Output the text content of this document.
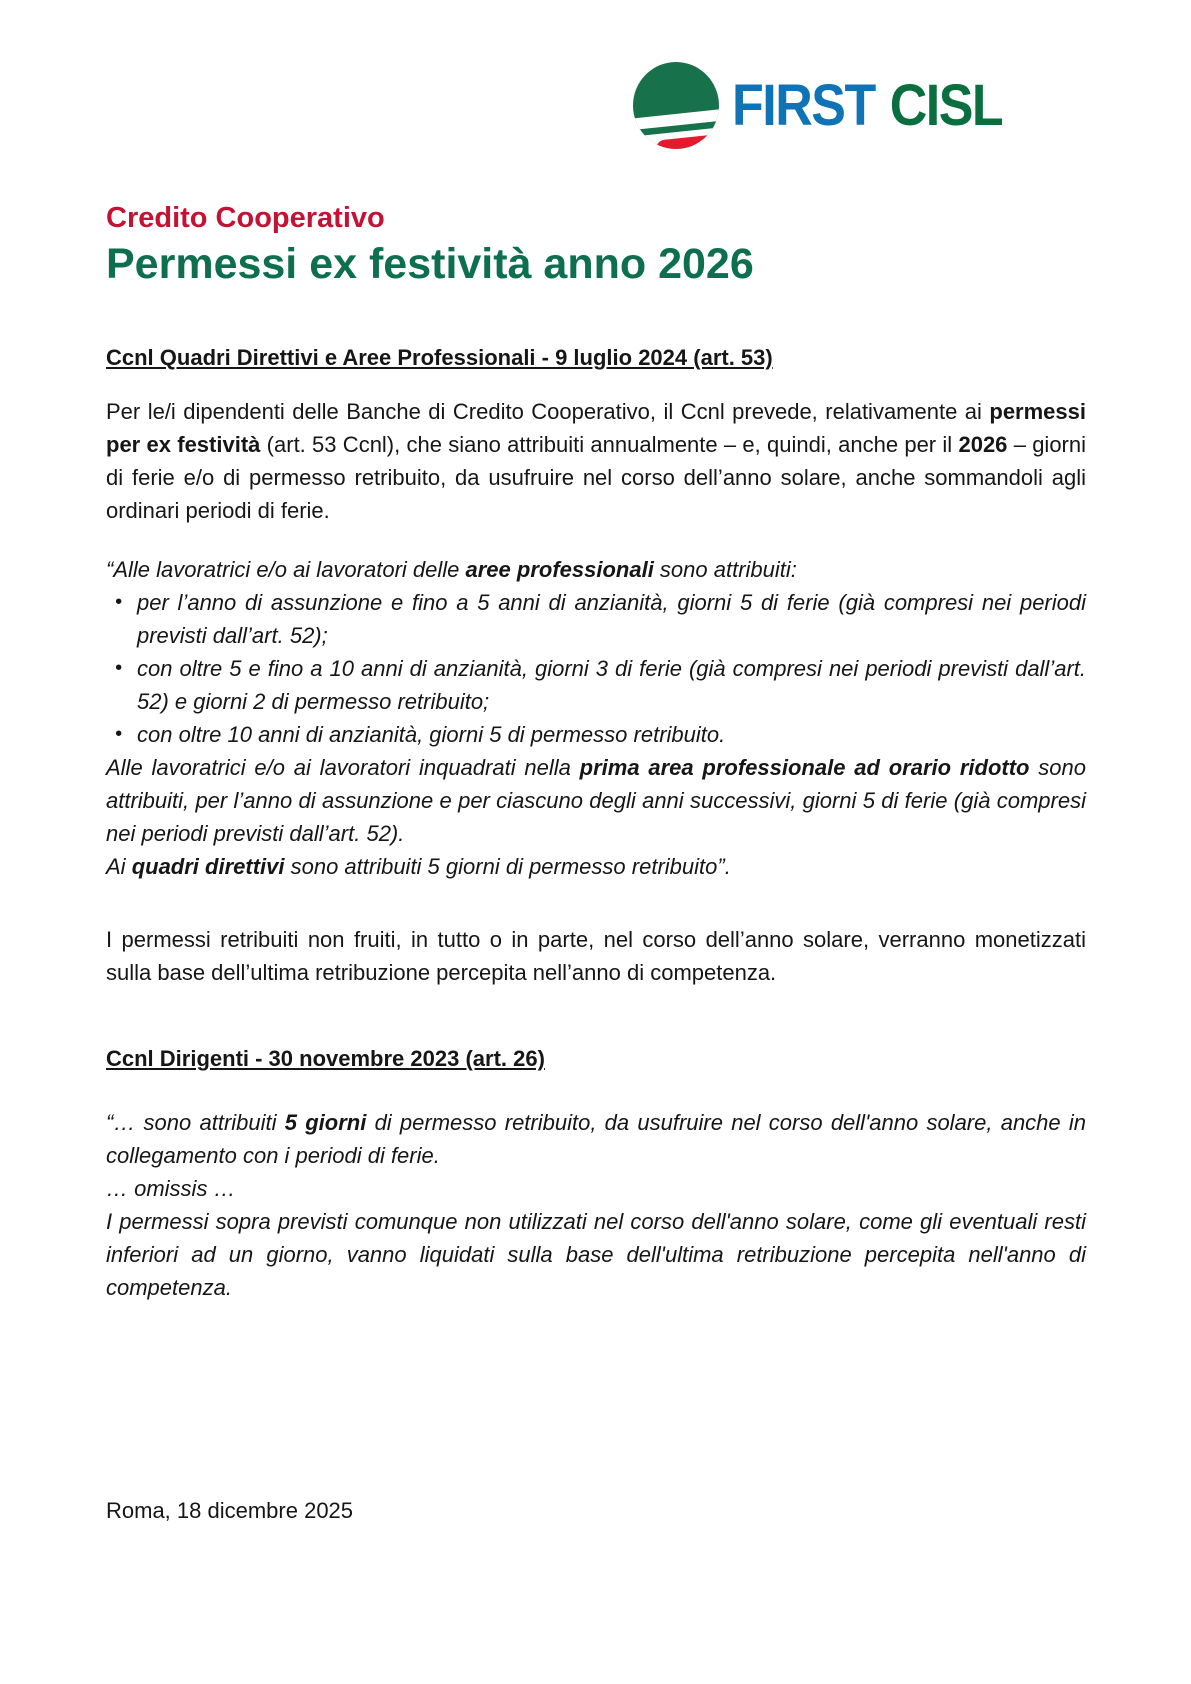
FIRST CISL
Credito Cooperativo
Permessi ex festività anno 2026
Ccnl Quadri Direttivi e Aree Professionali - 9 luglio 2024 (art. 53)

Per le/i dipendenti delle Banche di Credito Cooperativo, il Ccnl prevede, relativamente ai permessi per ex festività (art. 53 Ccnl), che siano attribuiti annualmente – e, quindi, anche per il 2026 – giorni di ferie e/o di permesso retribuito, da usufruire nel corso dell’anno solare, anche sommandoli agli ordinari periodi di ferie.

“Alle lavoratrici e/o ai lavoratori delle aree professionali sono attribuiti:

• per l’anno di assunzione e fino a 5 anni di anzianità, giorni 5 di ferie (già compresi nei periodi previsti dall’art. 52);

• con oltre 5 e fino a 10 anni di anzianità, giorni 3 di ferie (già compresi nei periodi previsti dall’art. 52) e giorni 2 di permesso retribuito;

• con oltre 10 anni di anzianità, giorni 5 di permesso retribuito.

Alle lavoratrici e/o ai lavoratori inquadrati nella prima area professionale ad orario ridotto sono attribuiti, per l’anno di assunzione e per ciascuno degli anni successivi, giorni 5 di ferie (già compresi nei periodi previsti dall’art. 52).

Ai quadri direttivi sono attribuiti 5 giorni di permesso retribuito”.

I permessi retribuiti non fruiti, in tutto o in parte, nel corso dell’anno solare, verranno monetizzati sulla base dell’ultima retribuzione percepita nell’anno di competenza.

Ccnl Dirigenti - 30 novembre 2023 (art. 26)

“… sono attribuiti 5 giorni di permesso retribuito, da usufruire nel corso dell'anno solare, anche in collegamento con i periodi di ferie.

… omissis …

I permessi sopra previsti comunque non utilizzati nel corso dell'anno solare, come gli eventuali resti inferiori ad un giorno, vanno liquidati sulla base dell'ultima retribuzione percepita nell'anno di competenza.

Roma, 18 dicembre 2025
